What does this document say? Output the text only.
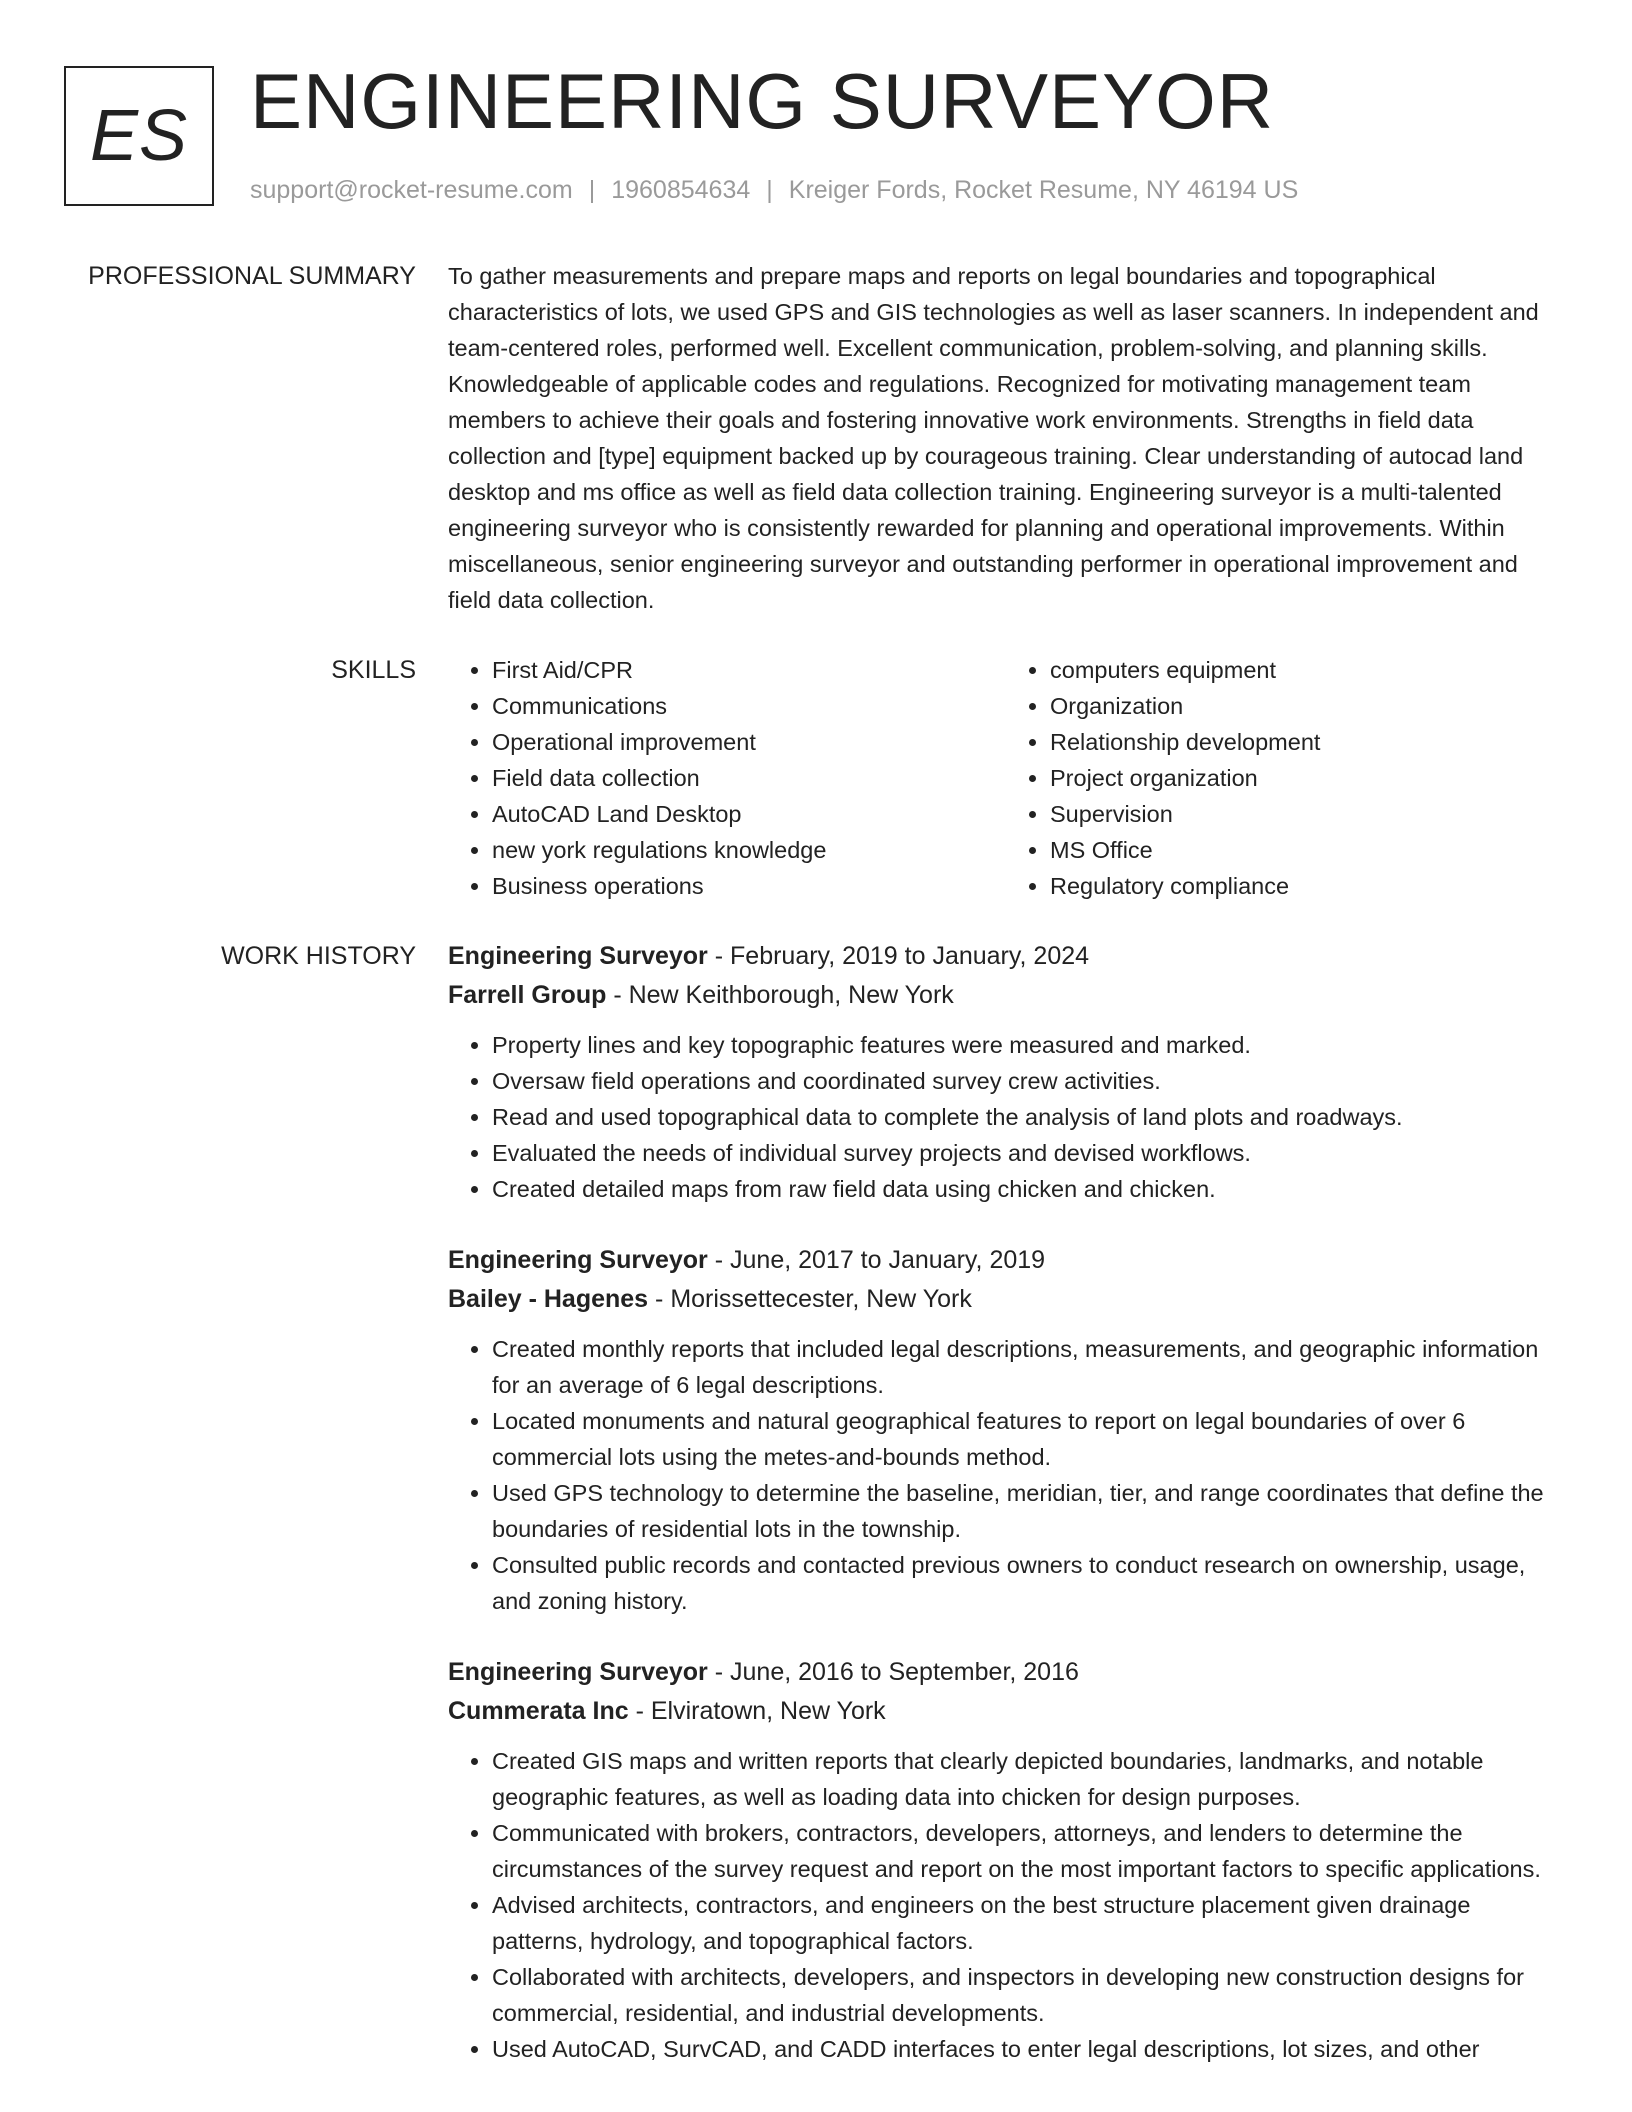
ES ENGINEERING SURVEYOR
support@rocket-resume.com | 1960854634 | Kreiger Fords, Rocket Resume, NY 46194 US
PROFESSIONAL SUMMARY To gather measurements and prepare maps and reports on legal boundaries and topographical characteristics of lots, we used GPS and GIS technologies as well as laser scanners. In independent and team-centered roles, performed well. Excellent communication, problem-solving, and planning skills. Knowledgeable of applicable codes and regulations. Recognized for motivating management team members to achieve their goals and fostering innovative work environments. Strengths in field data collection and [type] equipment backed up by courageous training. Clear understanding of autocad land desktop and ms office as well as field data collection training. Engineering surveyor is a multi-talented engineering surveyor who is consistently rewarded for planning and operational improvements. Within miscellaneous, senior engineering surveyor and outstanding performer in operational improvement and field data collection.

SKILLS
•	First Aid/CPR
• Communications
• Operational improvement
• Field data collection
• AutoCAD Land Desktop
• new york regulations knowledge
• Business operations
• computers equipment
• Organization
• Relationship development
• Project organization
• Supervision
• MS Office
• Regulatory compliance
WORK HISTORY Engineering Surveyor - February, 2019 to January, 2024
Farrell Group - New Keithborough, New York
• Property lines and key topographic features were measured and marked.
• Oversaw field operations and coordinated survey crew activities.
• Read and used topographical data to complete the analysis of land plots and roadways.
• Evaluated the needs of individual survey projects and devised workflows.
• Created detailed maps from raw field data using chicken and chicken.
Engineering Surveyor - June, 2017 to January, 2019
Bailey - Hagenes - Morissettecester, New York
• Created monthly reports that included legal descriptions, measurements, and geographic information for an average of 6 legal descriptions.
• Located monuments and natural geographical features to report on legal boundaries of over 6 commercial lots using the metes-and-bounds method.
• Used GPS technology to determine the baseline, meridian, tier, and range coordinates that define the boundaries of residential lots in the township.
• Consulted public records and contacted previous owners to conduct research on ownership, usage, and zoning history.
Engineering Surveyor - June, 2016 to September, 2016
Cummerata Inc - Elviratown, New York
• Created GIS maps and written reports that clearly depicted boundaries, landmarks, and notable geographic features, as well as loading data into chicken for design purposes.
• Communicated with brokers, contractors, developers, attorneys, and lenders to determine the circumstances of the survey request and report on the most important factors to specific applications.
• Advised architects, contractors, and engineers on the best structure placement given drainage patterns, hydrology, and topographical factors.
• Collaborated with architects, developers, and inspectors in developing new construction designs for commercial, residential, and industrial developments.
• Used AutoCAD, SurvCAD, and CADD interfaces to enter legal descriptions, lot sizes, and other
